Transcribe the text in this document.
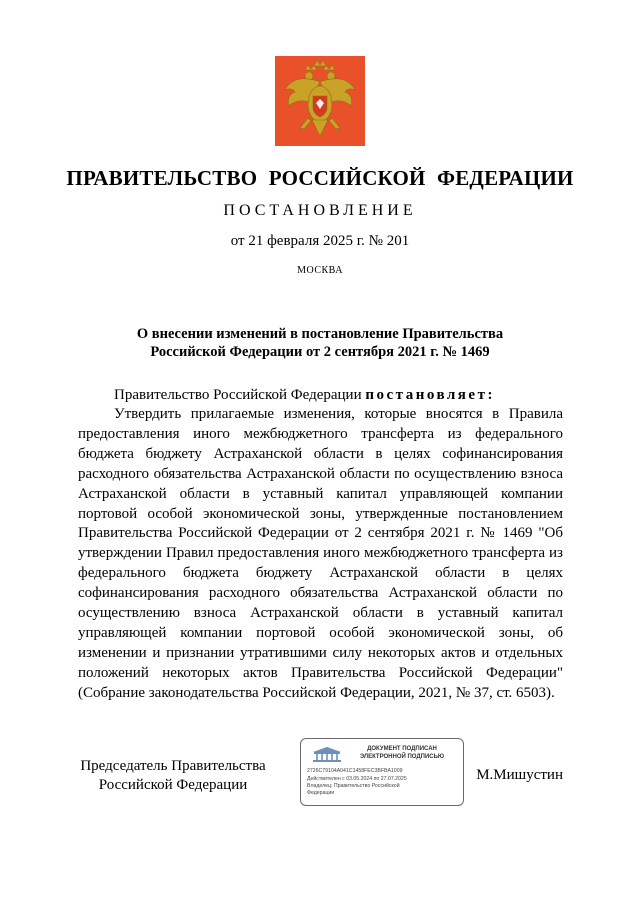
ПРАВИТЕЛЬСТВО РОССИЙСКОЙ ФЕДЕРАЦИИ
ПОСТАНОВЛЕНИЕ
от 21 февраля 2025 г. № 201
МОСКВА
О внесении изменений в постановление Правительства
Российской Федерации от 2 сентября 2021 г. № 1469

Правительство Российской Федерации постановляет:

Утвердить прилагаемые изменения, которые вносятся в Правила предоставления иного межбюджетного трансферта из федерального бюджета бюджету Астраханской области в целях софинансирования расходного обязательства Астраханской области по осуществлению взноса Астраханской области в уставный капитал управляющей компании портовой особой экономической зоны, утвержденные постановлением Правительства Российской Федерации от 2 сентября 2021 г. № 1469 "Об утверждении Правил предоставления иного межбюджетного трансферта из федерального бюджета бюджету Астраханской области в целях софинансирования расходного обязательства Астраханской области по осуществлению взноса Астраханской области в уставный капитал управляющей компании портовой особой экономической зоны, об изменении и признании утратившими силу некоторых актов и отдельных положений некоторых актов Правительства Российской Федерации" (Собрание законодательства Российской Федерации, 2021, № 37, ст. 6503).

Председатель Правительства
Российской Федерации
ДОКУМЕНТ ПОДПИСАН
ЭЛЕКТРОННОЙ ПОДПИСЬЮ
2726C79104A041C1458FEC3BFBA1009
Действителен с 03.05.2024 по 27.07.2025
Владелец: Правительство Российской
Федерации
М.Мишустин
